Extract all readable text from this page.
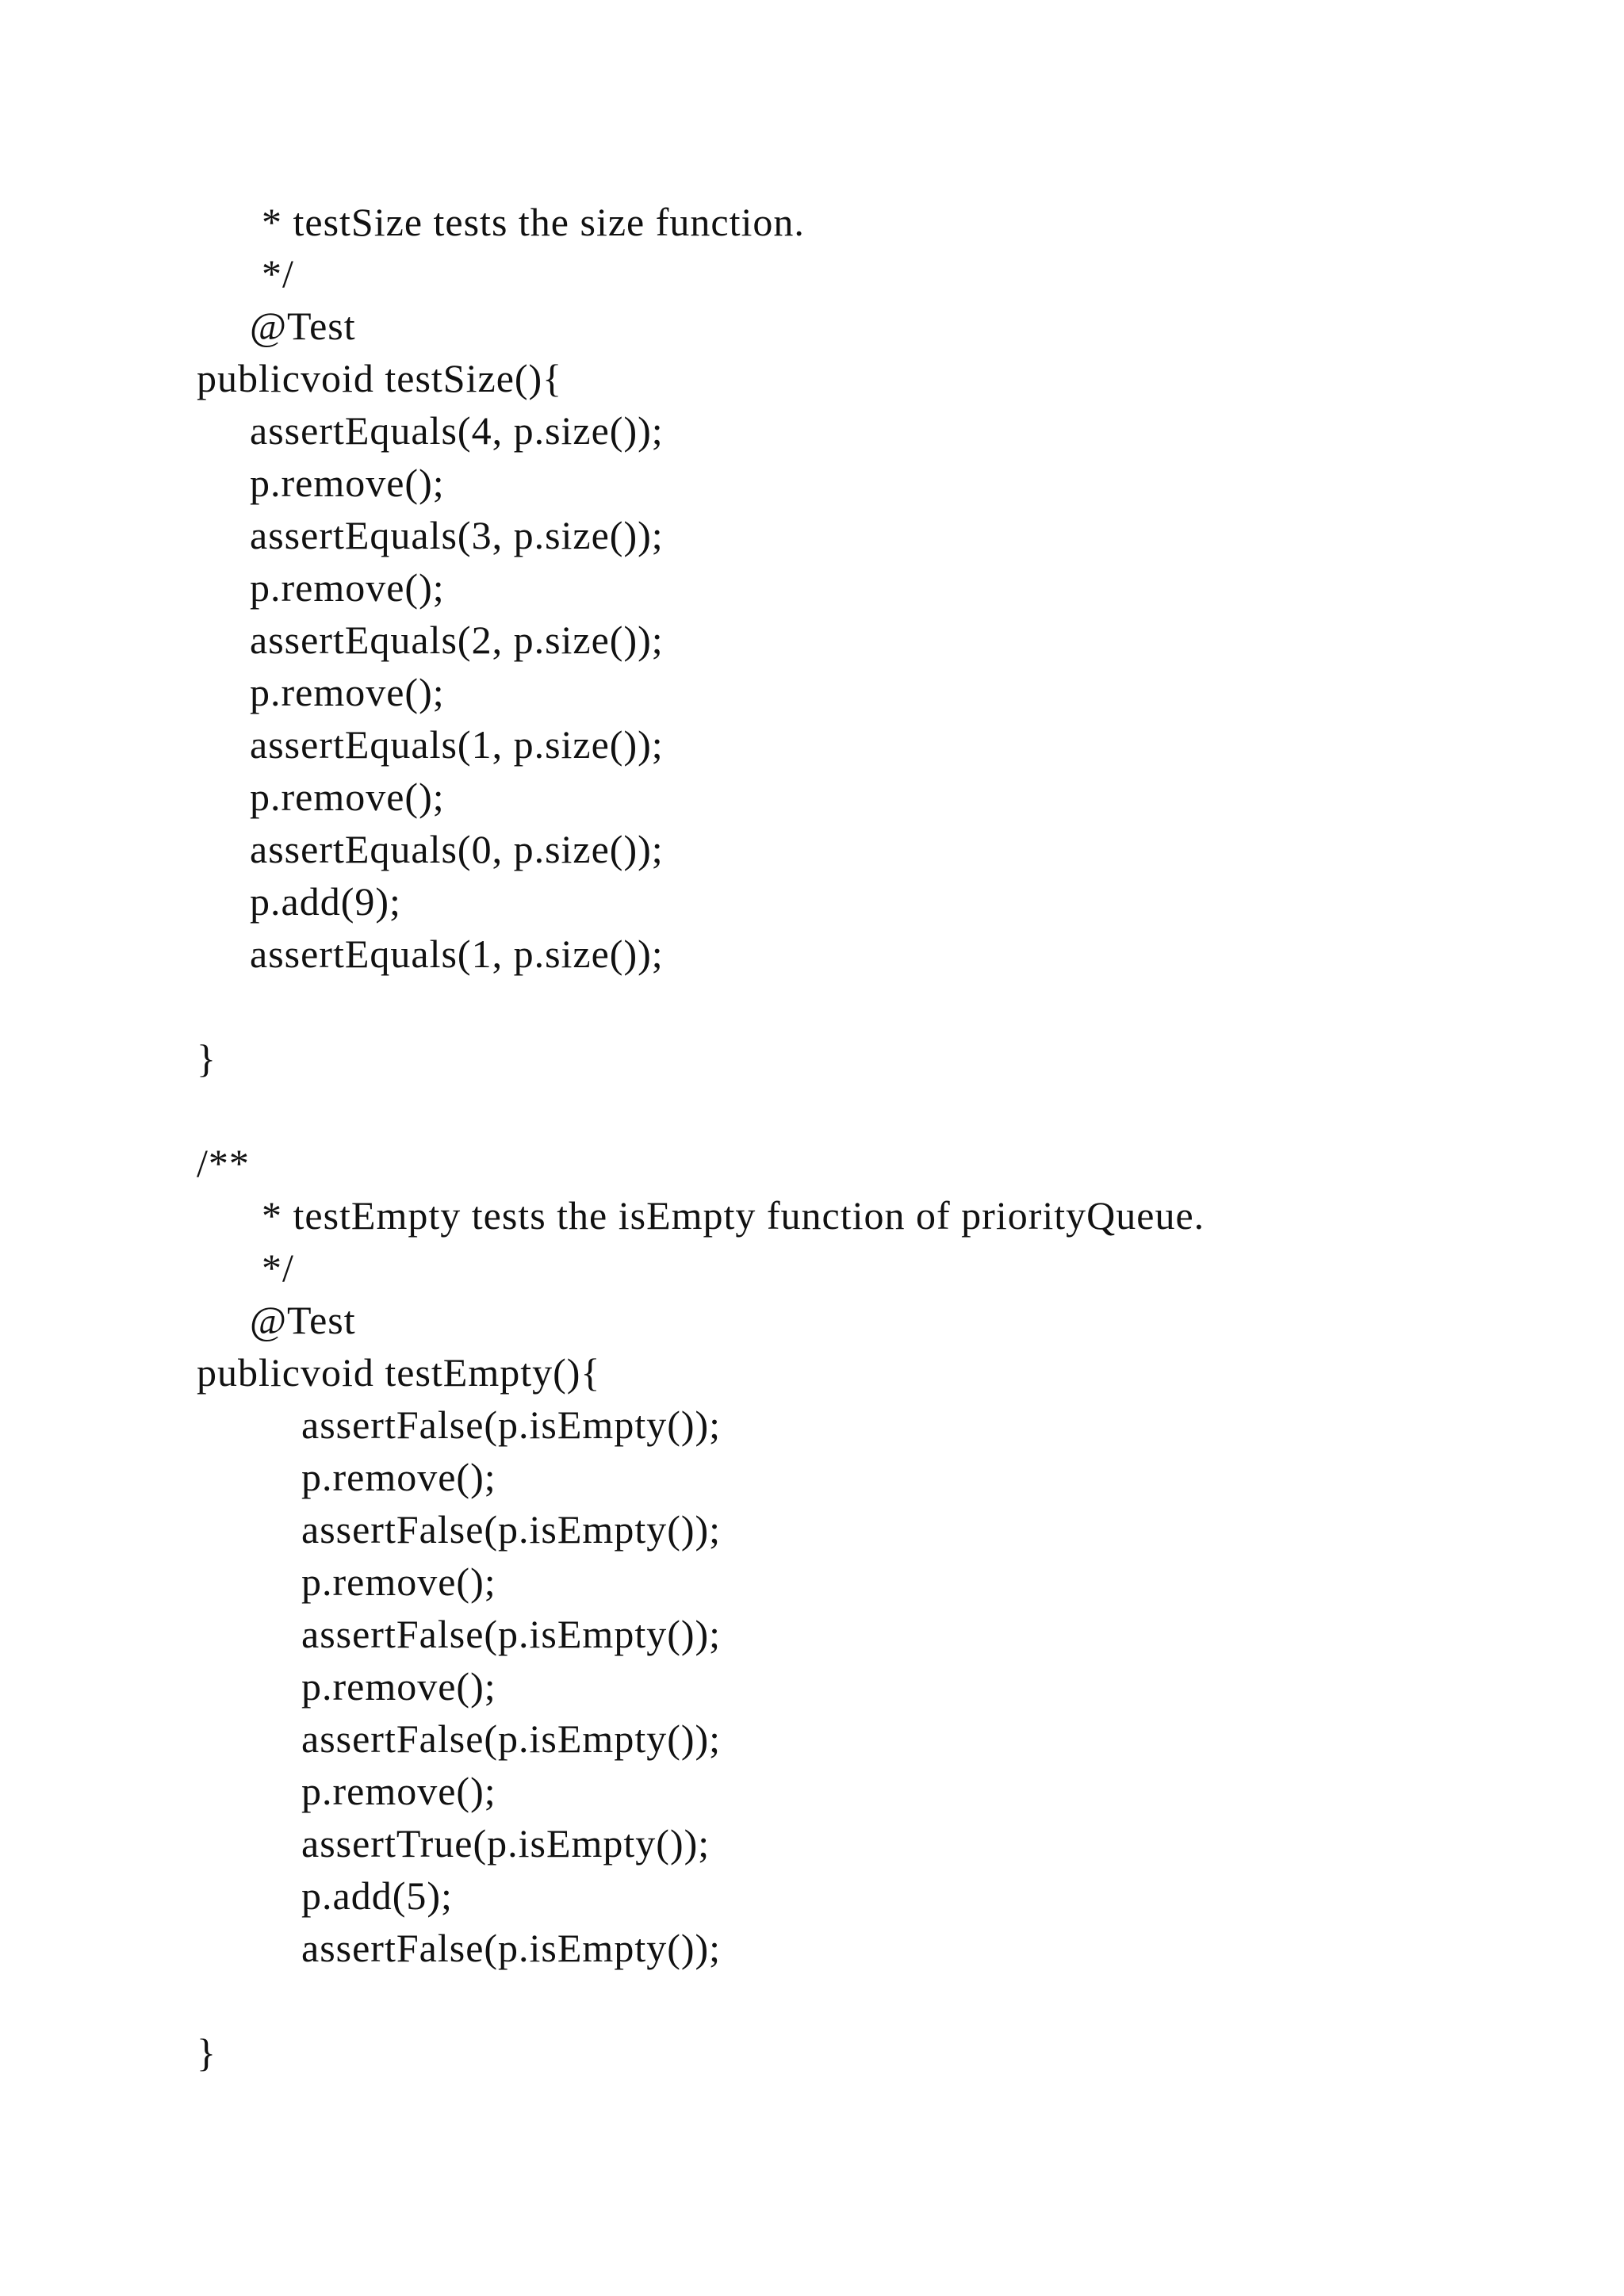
* testSize tests the size function.
*/
@Test
publicvoid testSize(){
assertEquals(4, p.size());
p.remove();
assertEquals(3, p.size());
p.remove();
assertEquals(2, p.size());
p.remove();
assertEquals(1, p.size());
p.remove();
assertEquals(0, p.size());
p.add(9);
assertEquals(1, p.size());
}
/**
* testEmpty tests the isEmpty function of priorityQueue.
*/
@Test
publicvoid testEmpty(){
assertFalse(p.isEmpty());
p.remove();
assertFalse(p.isEmpty());
p.remove();
assertFalse(p.isEmpty());
p.remove();
assertFalse(p.isEmpty());
p.remove();
assertTrue(p.isEmpty());
p.add(5);
assertFalse(p.isEmpty());
}
